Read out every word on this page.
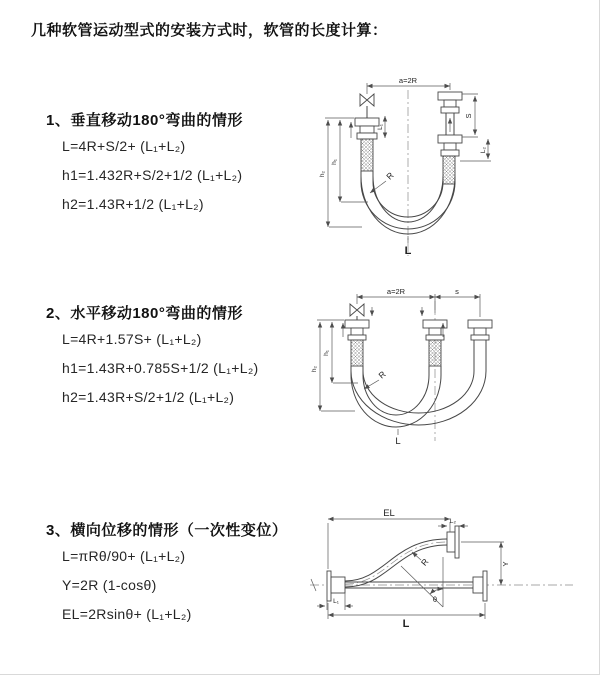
几种软管运动型式的安装方式时，软管的长度计算：
1、垂直移动180°弯曲的情形
L=4R+S/2+ (L₁+L₂)
h1=1.432R+S/2+1/2 (L₁+L₂)
h2=1.43R+1/2 (L₁+L₂)
2、水平移动180°弯曲的情形
L=4R+1.57S+ (L₁+L₂)
h1=1.43R+0.785S+1/2 (L₁+L₂)
h2=1.43R+S/2+1/2 (L₁+L₂)
3、横向位移的情形（一次性变位）
L=πRθ/90+ (L₁+L₂)
Y=2R (1-cosθ)
EL=2Rsinθ+ (L₁+L₂)
a=2R
h₁
h₂
L₁
S
L₂
R
L
a=2R	s
h₁
h₂	R
L
EL
L₂
Y
R
θ
L₁
L
